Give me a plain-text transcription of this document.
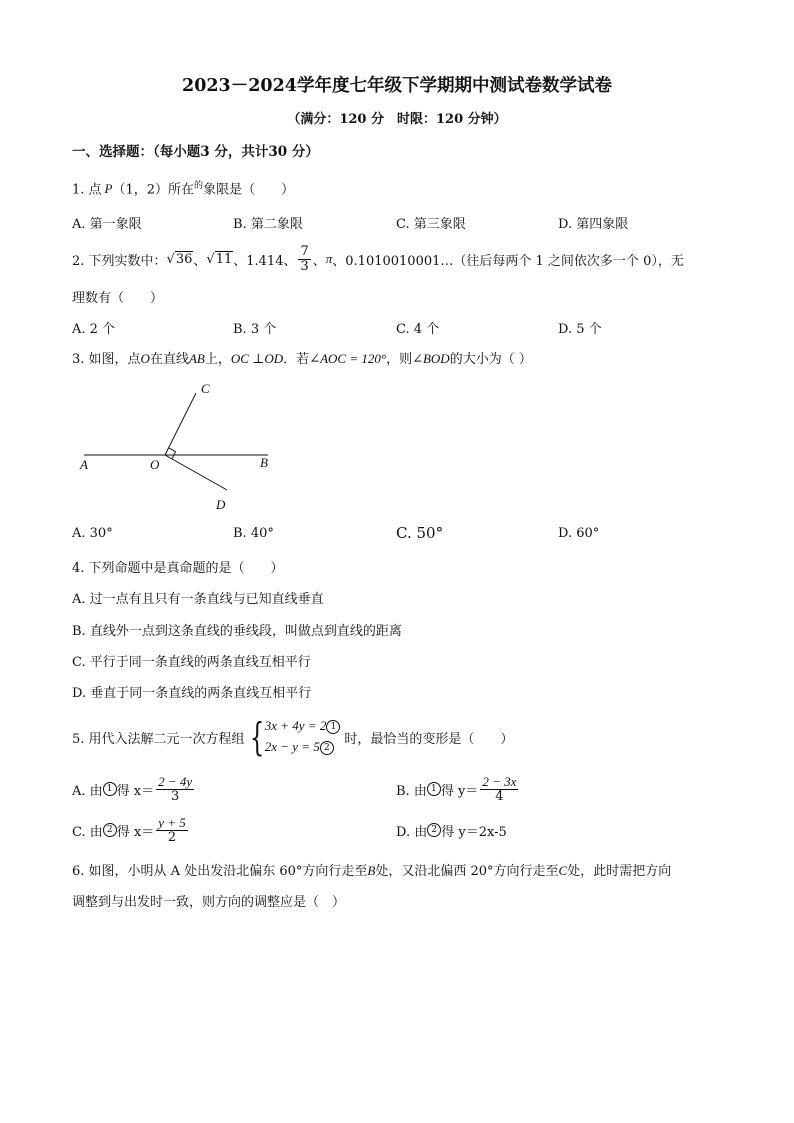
2023－2024学年度七年级下学期期中测试卷数学试卷
（满分：120 分　时限：120 分钟）
一、选择题：（每小题3 分，共计30 分）
1. 点 P（1，2）所在$^的$象限是（　　）
A. 第一象限	B. 第二象限	C. 第三象限	D. 第四象限
2. 下列实数中： √36 、 √11 、1.414、 $\frac{7}{3}$ 、 π 、0.1010010001…（往后每两个 1 之间依次多一个 0），无
理数有（　　）
A. 2 个	B. 3 个	C. 4 个	D. 5 个
3. 如图，点O在直线AB上，OC ⊥OD．若∠AOC = 120°，则∠BOD的大小为（ ）
A	O	B
C
D
A. 30°	B. 40°	C. 50°	D. 60°
4. 下列命题中是真命题的是（　　）
A. 过一点有且只有一条直线与已知直线垂直
B. 直线外一点到这条直线的垂线段，叫做点到直线的距离
C. 平行于同一条直线的两条直线互相平行
D. 垂直于同一条直线的两条直线互相平行
5. 用代入法解二元一次方程组 { 3x + 4y = 2 1
2x − y = 5 2
时，最恰当的变形是（　　）
A. 由 1 得 $x= \frac{2 - 4y}{3}$	B. 由 1 得 $y= \frac{2 - 3x}{4}$
C. 由 2 得 $x= \frac{y + 5}{2}$	D. 由 2 得 y＝2x-5
6. 如图，小明从 A 处出发沿北偏东 60°方向行走至B处，又沿北偏西 20°方向行走至C处，此时需把方向
调整到与出发时一致，则方向的调整应是（　）
